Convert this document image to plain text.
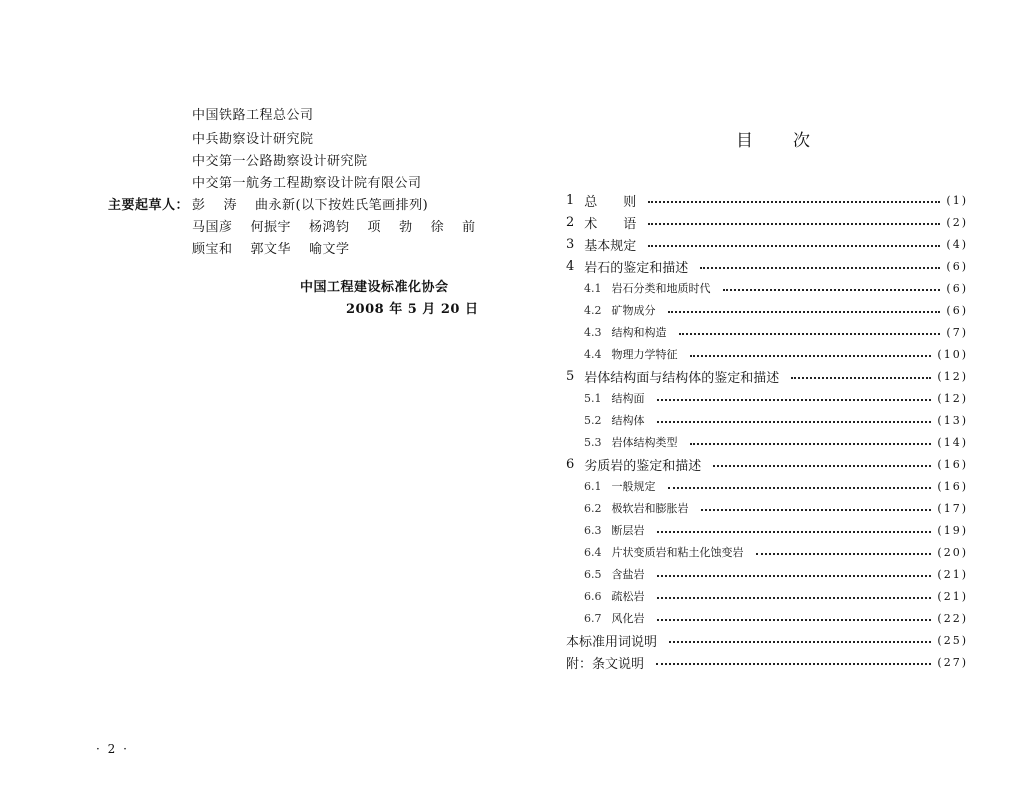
中国铁路工程总公司
中兵勘察设计研究院
中交第一公路勘察设计研究院
中交第一航务工程勘察设计院有限公司
主要起草人： 彭 涛 曲永新(以下按姓氏笔画排列)
马国彦 何振宇 杨鸿钧 项 勃 徐 前
顾宝和 郭文华 喻文学
中国工程建设标准化协会
2008 年 5 月 20 日
· 2 ·
目　　次
1 总　　则	(1)
2 术　　语	(2)
3 基本规定	(4)
4 岩石的鉴定和描述	(6)
4.1 岩石分类和地质时代	(6)
4.2 矿物成分	(6)
4.3 结构和构造	(7)
4.4 物理力学特征	(10)
5 岩体结构面与结构体的鉴定和描述	(12)
5.1 结构面	(12)
5.2 结构体	(13)
5.3 岩体结构类型	(14)
6 劣质岩的鉴定和描述	(16)
6.1 一般规定	(16)
6.2 极软岩和膨胀岩	(17)
6.3 断层岩	(19)
6.4 片状变质岩和粘土化蚀变岩	(20)
6.5 含盐岩	(21)
6.6 疏松岩	(21)
6.7 风化岩	(22)
本标准用词说明	(25)
附：条文说明	(27)
